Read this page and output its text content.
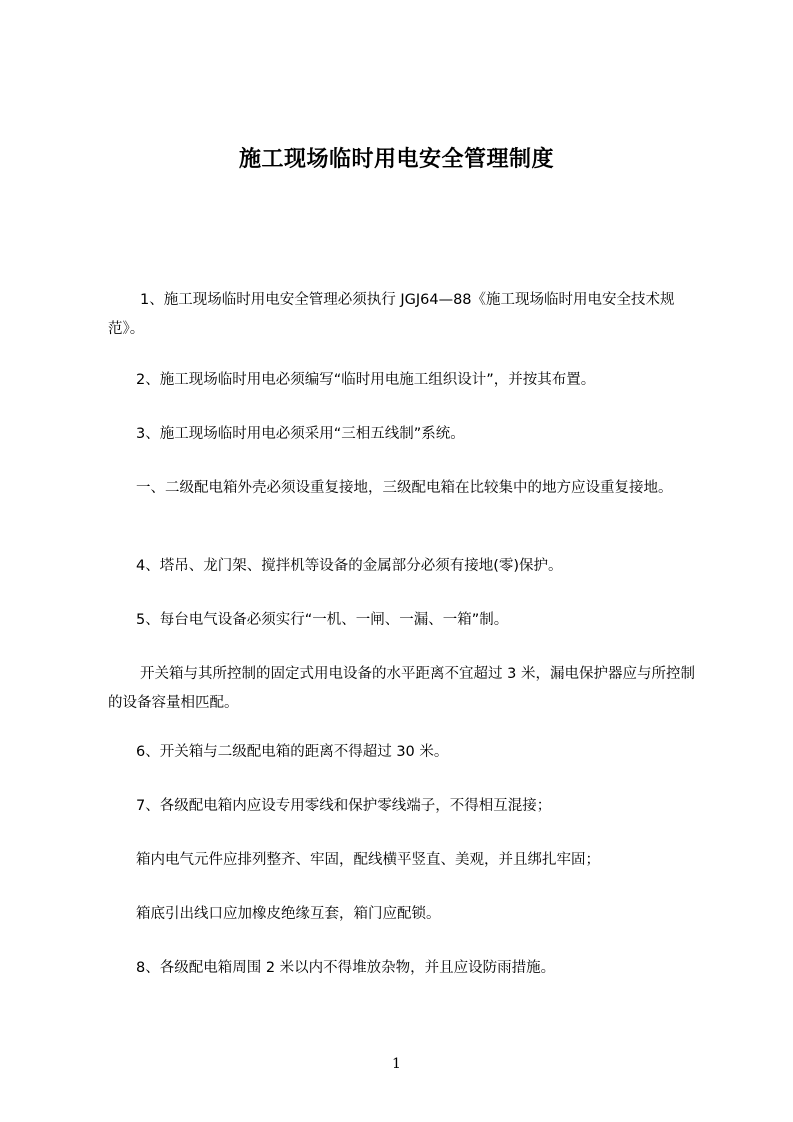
施工现场临时用电安全管理制度
1、施工现场临时用电安全管理必须执行 JGJ64—88《施工现场临时用电安全技术规范》。
2、施工现场临时用电必须编写“临时用电施工组织设计”，并按其布置。
3、施工现场临时用电必须采用“三相五线制”系统。
一、二级配电箱外壳必须设重复接地，三级配电箱在比较集中的地方应设重复接地。
4、塔吊、龙门架、搅拌机等设备的金属部分必须有接地(零)保护。
5、每台电气设备必须实行“一机、一闸、一漏、一箱”制。
开关箱与其所控制的固定式用电设备的水平距离不宜超过 3 米，漏电保护器应与所控制的设备容量相匹配。
6、开关箱与二级配电箱的距离不得超过 30 米。
7、各级配电箱内应设专用零线和保护零线端子，不得相互混接；
箱内电气元件应排列整齐、牢固，配线横平竖直、美观，并且绑扎牢固；
箱底引出线口应加橡皮绝缘互套，箱门应配锁。
8、各级配电箱周围 2 米以内不得堆放杂物，并且应设防雨措施。
1
